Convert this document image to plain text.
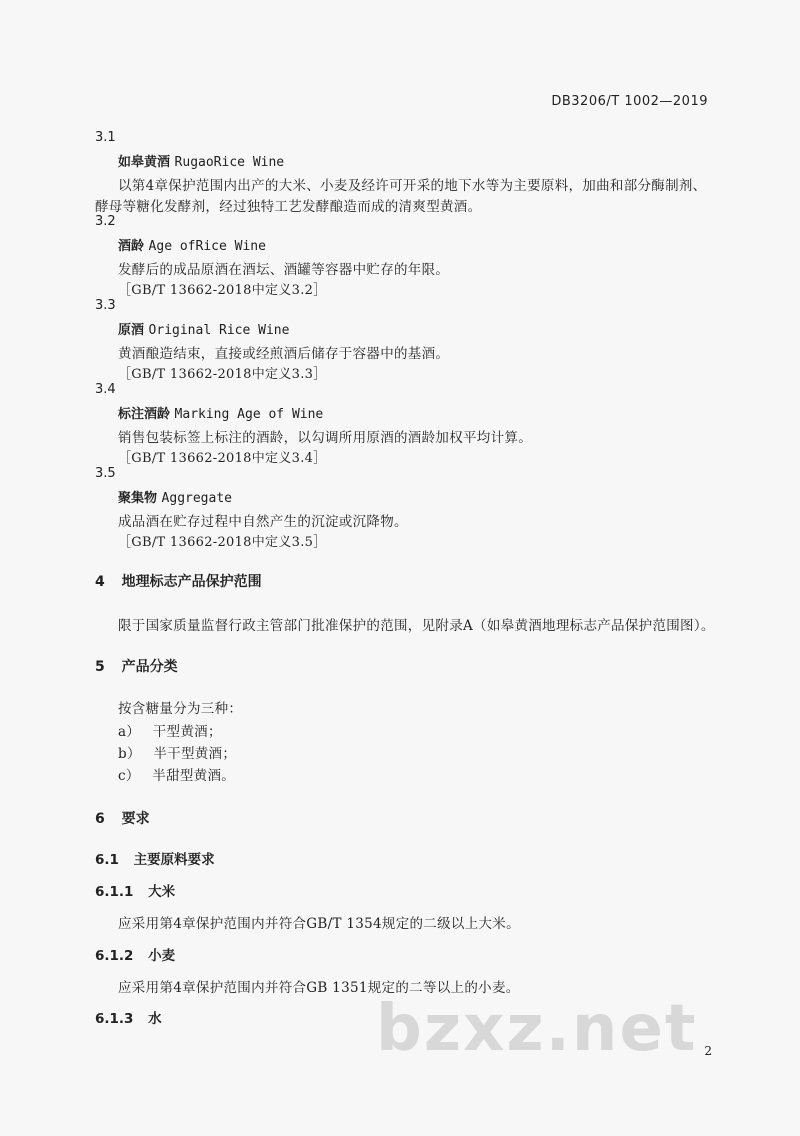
DB3206/T 1002—2019
3.1
如皋黄酒 RugaoRice Wine
以第4章保护范围内出产的大米、小麦及经许可开采的地下水等为主要原料，加曲和部分酶制剂、
酵母等糖化发酵剂，经过独特工艺发酵酿造而成的清爽型黄酒。
3.2
酒龄 Age ofRice Wine
发酵后的成品原酒在酒坛、酒罐等容器中贮存的年限。
［GB/T 13662-2018中定义3.2］
3.3
原酒 Original Rice Wine
黄酒酿造结束，直接或经煎酒后储存于容器中的基酒。
［GB/T 13662-2018中定义3.3］
3.4
标注酒龄 Marking Age of Wine
销售包装标签上标注的酒龄，以勾调所用原酒的酒龄加权平均计算。
［GB/T 13662-2018中定义3.4］
3.5
聚集物 Aggregate
成品酒在贮存过程中自然产生的沉淀或沉降物。
［GB/T 13662-2018中定义3.5］
4 地理标志产品保护范围
限于国家质量监督行政主管部门批准保护的范围，见附录A（如皋黄酒地理标志产品保护范围图）。
5 产品分类
按含糖量分为三种：
a） 干型黄酒；
b） 半干型黄酒；
c） 半甜型黄酒。
6 要求
6.1 主要原料要求
6.1.1 大米
应采用第4章保护范围内并符合GB/T 1354规定的二级以上大米。
6.1.2 小麦
应采用第4章保护范围内并符合GB 1351规定的二等以上的小麦。
6.1.3 水	bzxz.net 2
